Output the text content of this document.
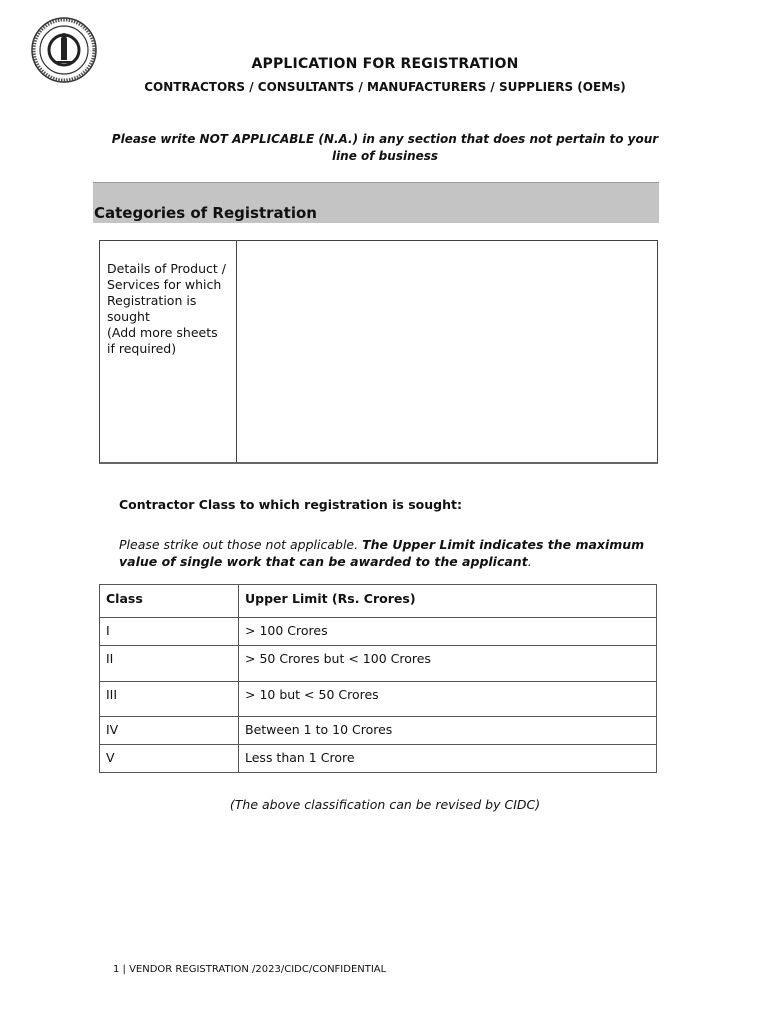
APPLICATION FOR REGISTRATION
CONTRACTORS / CONSULTANTS / MANUFACTURERS / SUPPLIERS (OEMs)
Please write NOT APPLICABLE (N.A.) in any section that does not pertain to your line of business
Categories of Registration
Details of Product /
Services for which
Registration is
sought
(Add more sheets
if required)
Contractor Class to which registration is sought:
Please strike out those not applicable. The Upper Limit indicates the maximum value of single work that can be awarded to the applicant.
Class	Upper Limit (Rs. Crores)
I	> 100 Crores
II	> 50 Crores but < 100 Crores
III	> 10 but < 50 Crores
IV	Between 1 to 10 Crores
V	Less than 1 Crore
(The above classification can be revised by CIDC)
1 | VENDOR REGISTRATION /2023/CIDC/CONFIDENTIAL
